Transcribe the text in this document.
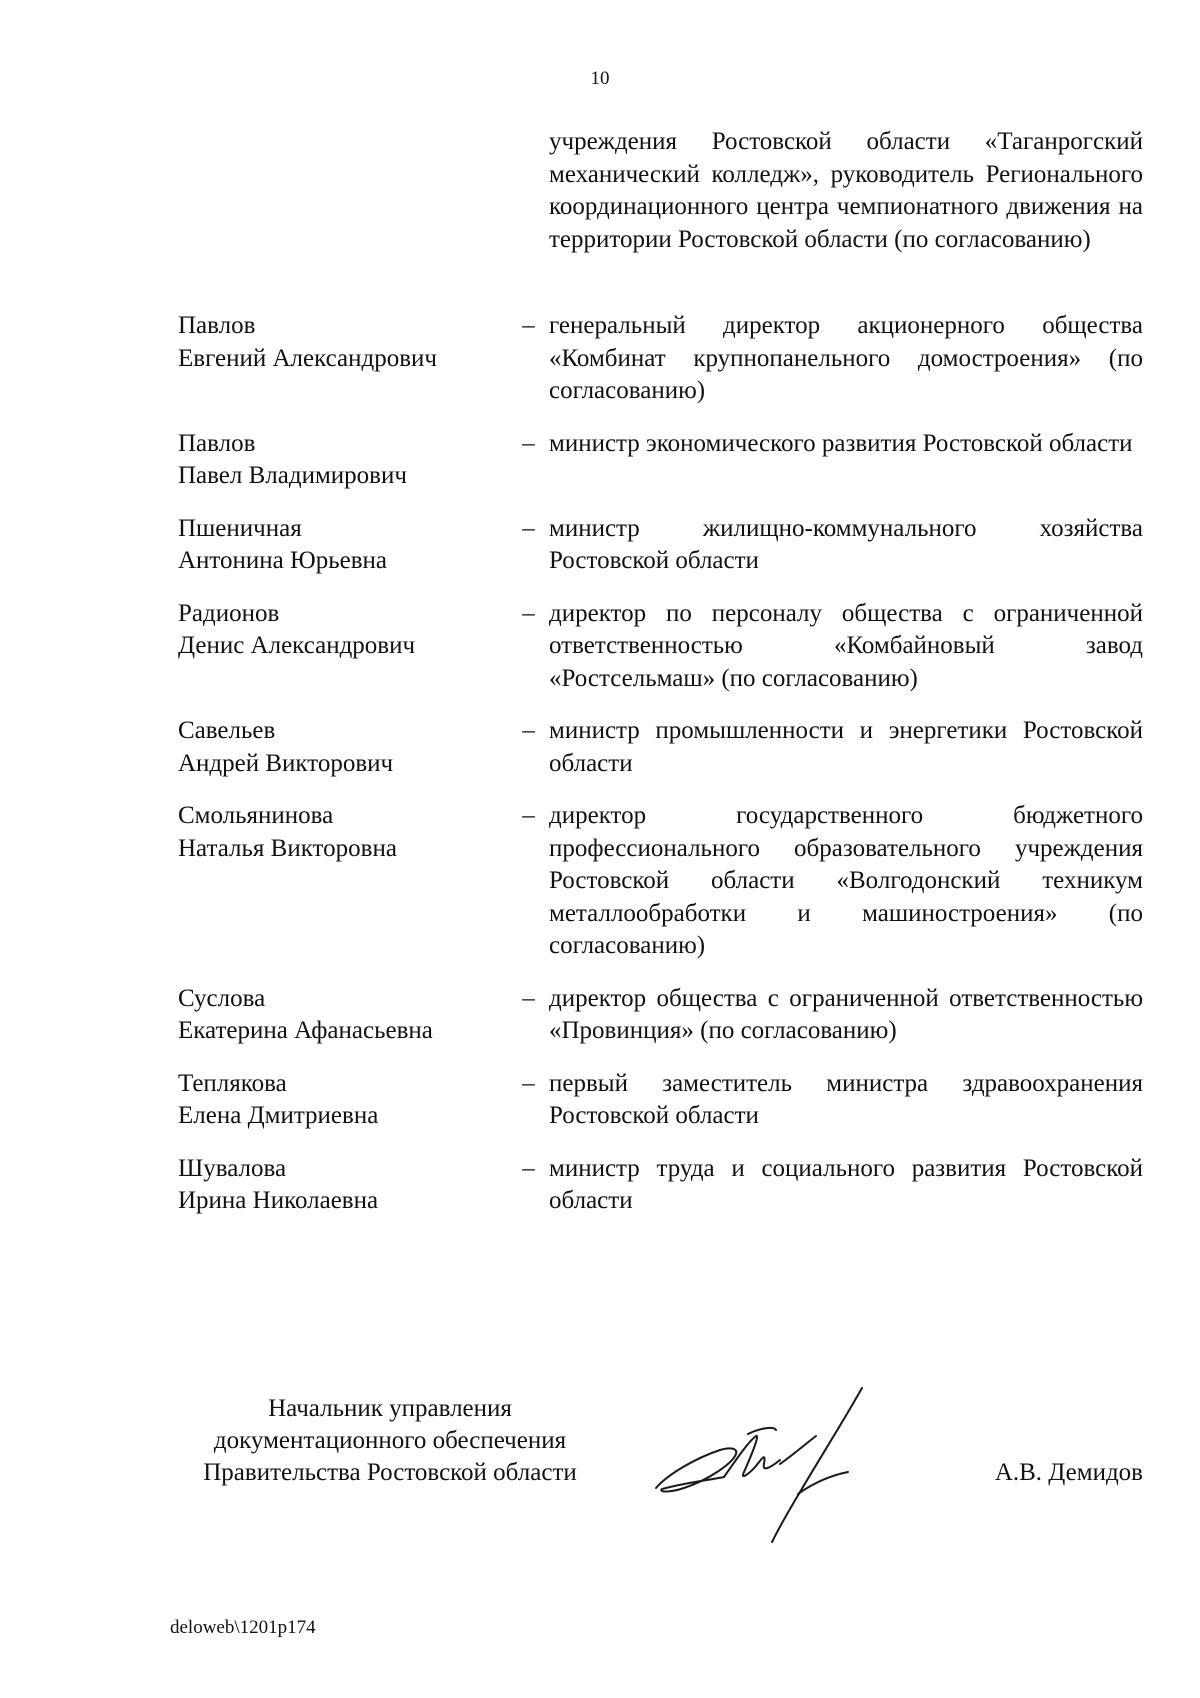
10
учреждения Ростовской области «Таганрогский механический колледж», руководитель Регионального координационного центра чемпионатного движения на территории Ростовской области (по согласованию)
Павлов
Евгений Александрович
– генеральный директор акционерного общества «Комбинат крупнопанельного домостроения» (по согласованию)
Павлов
Павел Владимирович
– министр экономического развития Ростовской области
Пшеничная
Антонина Юрьевна
– министр жилищно-коммунального хозяйства Ростовской области
Радионов
Денис Александрович
– директор по персоналу общества с ограниченной ответственностью «Комбайновый завод «Ростсельмаш» (по согласованию)
Савельев
Андрей Викторович
– министр промышленности и энергетики Ростовской области
Смольянинова
Наталья Викторовна
– директор государственного бюджетного профессионального образовательного учреждения Ростовской области «Волгодонский техникум металлообработки и машиностроения» (по согласованию)
Суслова
Екатерина Афанасьевна
– директор общества с ограниченной ответственностью «Провинция» (по согласованию)
Теплякова
Елена Дмитриевна
– первый заместитель министра здравоохранения Ростовской области
Шувалова
Ирина Николаевна
– министр труда и социального развития Ростовской области
Начальник управления
документационного обеспечения
Правительства Ростовской области	А.В. Демидов
deloweb\1201p174
